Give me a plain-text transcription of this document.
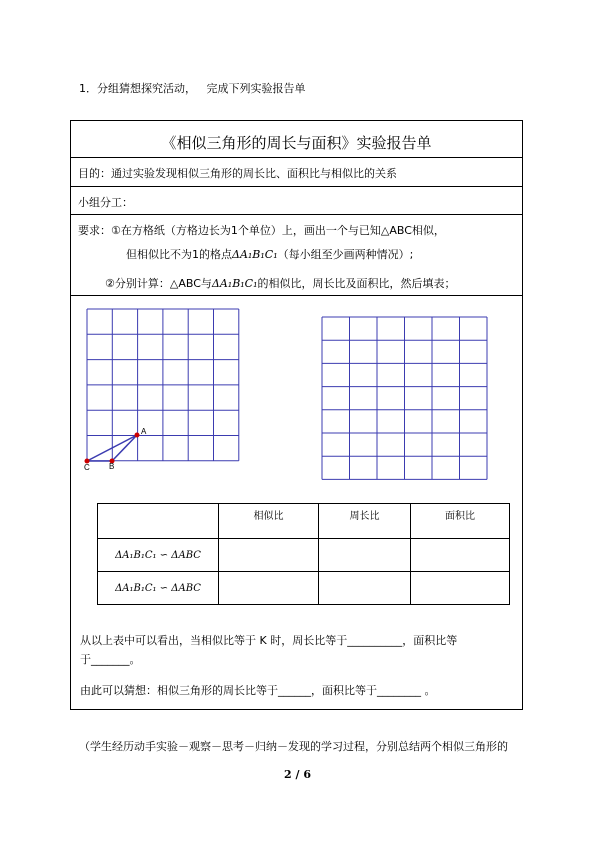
1．分组猜想探究活动，   完成下列实验报告单
《相似三角形的周长与面积》实验报告单
目的：通过实验发现相似三角形的周长比、面积比与相似比的关系
小组分工：
要求：①在方格纸（方格边长为1个单位）上，画出一个与已知△ABC相似，
但相似比不为1的格点ΔA₁B₁C₁（每小组至少画两种情况）;
②分别计算：△ABC与ΔA₁B₁C₁的相似比，周长比及面积比，然后填表；
A
B
C
	相似比	周长比	面积比
ΔA₁B₁C₁ ∽ ΔABC			
ΔA₁B₁C₁ ∽ ΔABC			
从以上表中可以看出，当相似比等于 K 时，周长比等于__________，面积比等
于_______。
由此可以猜想：相似三角形的周长比等于______，面积比等于________ 。
（学生经历动手实验－观察－思考－归纳－发现的学习过程，分别总结两个相似三角形的
2 / 6
